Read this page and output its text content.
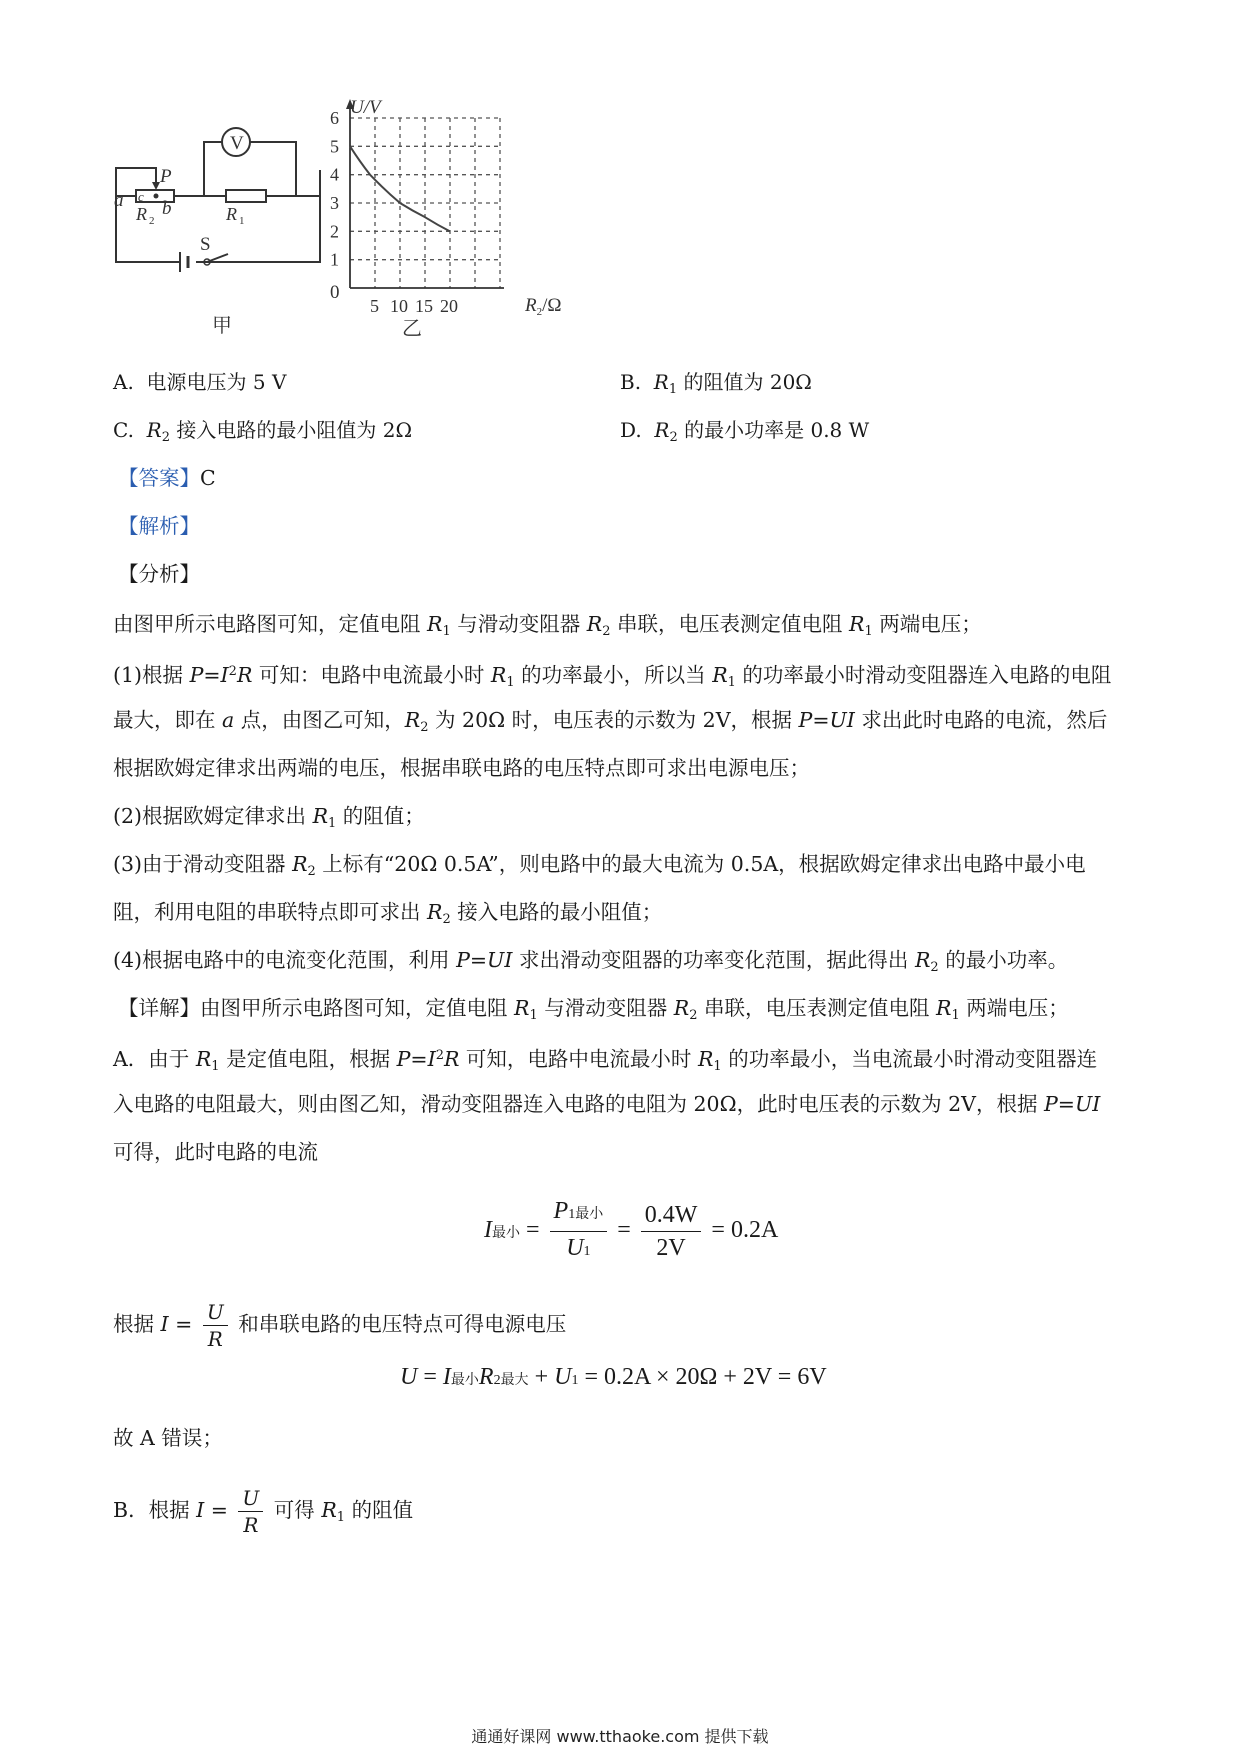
V
a c
P
b
R 2	R 1
S
甲
U/V
0
$R_2/\Omega$
1
2
3
4
5
6
5 10 15 20
乙
A. 电源电压为 5 V	B. $R_1$ 的阻值为 20Ω
C. $R_2$ 接入电路的最小阻值为 2Ω	D. $R_2$ 的最小功率是 0.8 W
【答案】C
【解析】
【分析】
由图甲所示电路图可知，定值电阻 $R_1$ 与滑动变阻器 $R_2$ 串联，电压表测定值电阻 $R_1$ 两端电压；
(1)根据 $P=I^2R$ 可知：电路中电流最小时 $R_1$ 的功率最小，所以当 $R_1$ 的功率最小时滑动变阻器连入电路的电阻
最大，即在 a 点，由图乙可知，$R_2$ 为 20Ω 时，电压表的示数为 2V，根据 P=UI 求出此时电路的电流，然后
根据欧姆定律求出两端的电压，根据串联电路的电压特点即可求出电源电压；
(2)根据欧姆定律求出 $R_1$ 的阻值；
(3)由于滑动变阻器 $R_2$ 上标有“20Ω 0.5A”，则电路中的最大电流为 0.5A，根据欧姆定律求出电路中最小电
阻，利用电阻的串联特点即可求出 $R_2$ 接入电路的最小阻值；
(4)根据电路中的电流变化范围，利用 P=UI 求出滑动变阻器的功率变化范围，据此得出 $R_2$ 的最小功率。
【详解】由图甲所示电路图可知，定值电阻 $R_1$ 与滑动变阻器 $R_2$ 串联，电压表测定值电阻 $R_1$ 两端电压；
A．由于 $R_1$ 是定值电阻，根据 $P=I^2R$ 可知，电路中电流最小时 $R_1$ 的功率最小，当电流最小时滑动变阻器连
入电路的电阻最大，则由图乙知，滑动变阻器连入电路的电阻为 20Ω，此时电压表的示数为 2V，根据 P=UI
可得，此时电路的电流
I最小 = $\frac{\text{P1最小}}{U1} = \frac{0.4W}{2V} = 0.2A$
根据 $I = \frac{U}{R}$ 和串联电路的电压特点可得电源电压
U = I最小R2最大 + U1 = 0.2A × 20Ω + 2V = 6V
故 A 错误；
B．根据 $I = \frac{U}{R}$ 可得 $R_1$ 的阻值
通通好课网 www.tthaoke.com 提供下载
